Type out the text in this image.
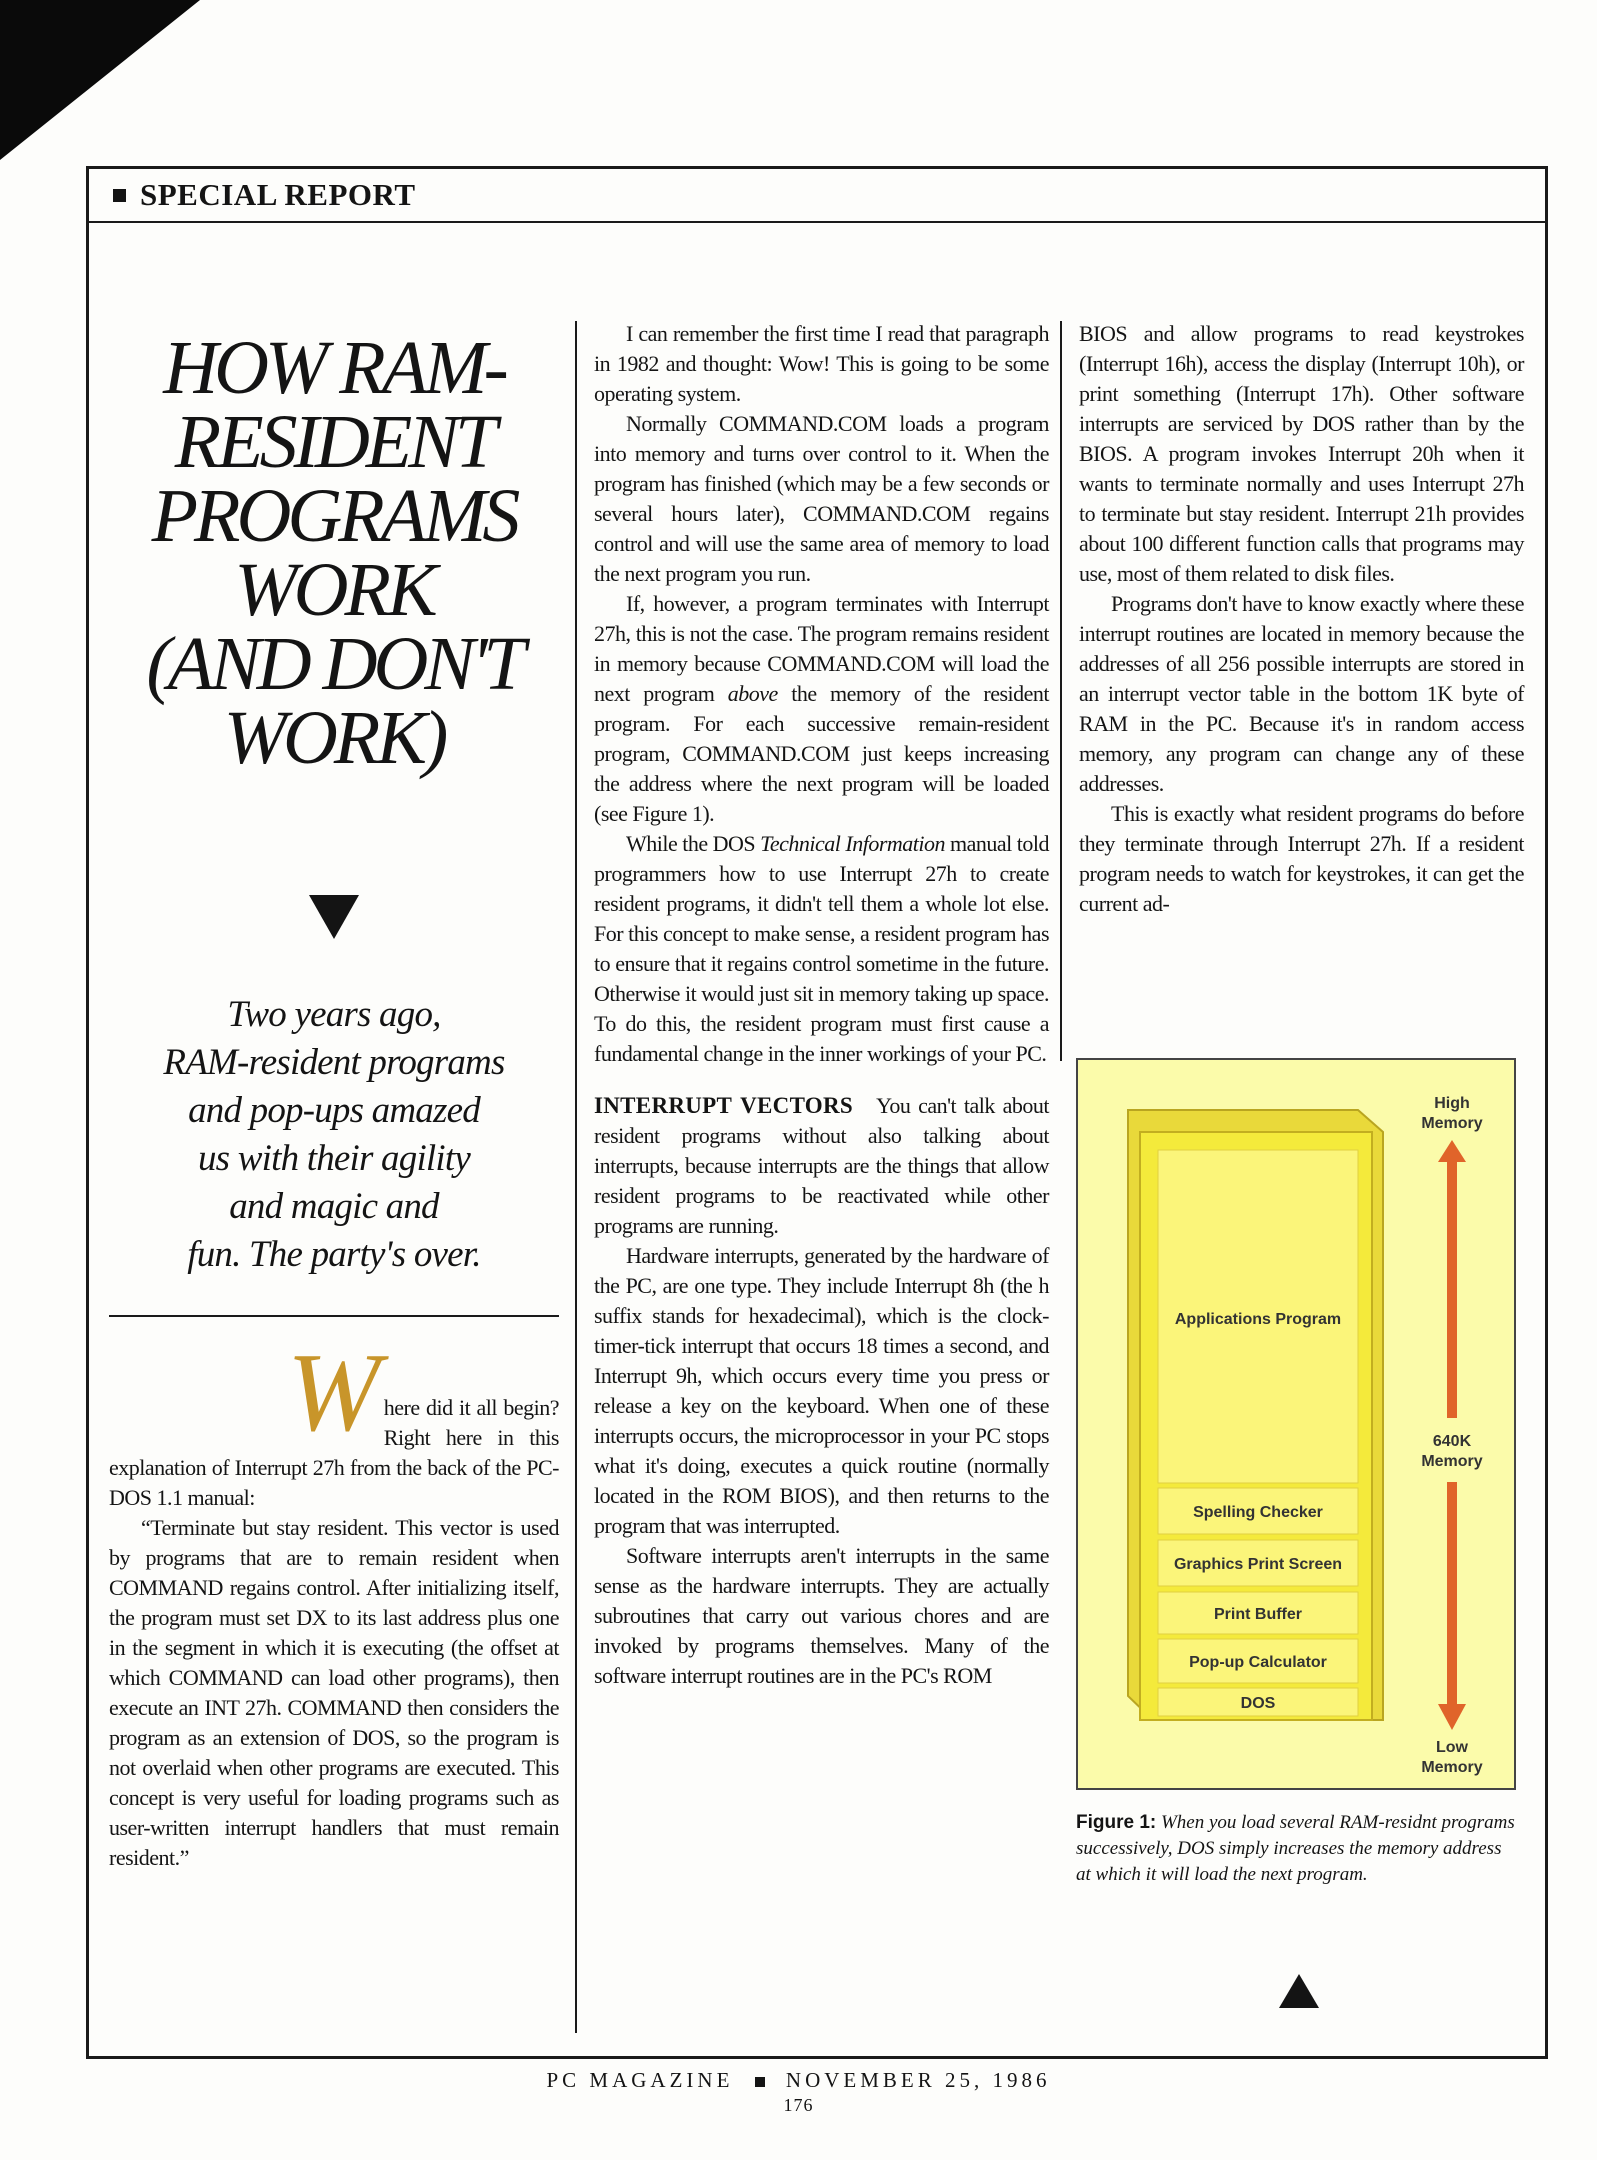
SPECIAL REPORT
HOW RAM-
RESIDENT
PROGRAMS
WORK
(AND DON'T
WORK)
Two years ago,
RAM-resident programs
and pop-ups amazed
us with their agility
and magic and
fun. The party's over.

Where did it all begin? Right here in this explanation of Interrupt 27h from the back of the PC-DOS 1.1 manual:

“Terminate but stay resident. This vector is used by programs that are to remain resident when COMMAND regains control. After initializing itself, the program must set DX to its last address plus one in the segment in which it is executing (the offset at which COMMAND can load other programs), then execute an INT 27h. COMMAND then considers the program as an extension of DOS, so the program is not overlaid when other programs are executed. This concept is very useful for loading programs such as user-written interrupt handlers that must remain resident.”

I can remember the first time I read that paragraph in 1982 and thought: Wow! This is going to be some operating system.

Normally COMMAND.COM loads a program into memory and turns over control to it. When the program has finished (which may be a few seconds or several hours later), COMMAND.COM regains control and will use the same area of memory to load the next program you run.

If, however, a program terminates with Interrupt 27h, this is not the case. The program remains resident in memory because COMMAND.COM will load the next program above the memory of the resident program. For each successive remain-resident program, COMMAND.COM just keeps increasing the address where the next program will be loaded (see Figure 1).

While the DOS Technical Information manual told programmers how to use Interrupt 27h to create resident programs, it didn't tell them a whole lot else. For this concept to make sense, a resident program has to ensure that it regains control sometime in the future. Otherwise it would just sit in memory taking up space. To do this, the resident program must first cause a fundamental change in the inner workings of your PC.

INTERRUPT VECTORS You can't talk about resident programs without also talking about interrupts, because interrupts are the things that allow resident programs to be reactivated while other programs are running.

Hardware interrupts, generated by the hardware of the PC, are one type. They include Interrupt 8h (the h suffix stands for hexadecimal), which is the clock-timer-tick interrupt that occurs 18 times a second, and Interrupt 9h, which occurs every time you press or release a key on the keyboard. When one of these interrupts occurs, the microprocessor in your PC stops what it's doing, executes a quick routine (normally located in the ROM BIOS), and then returns to the program that was interrupted.

Software interrupts aren't interrupts in the same sense as the hardware interrupts. They are actually subroutines that carry out various chores and are invoked by programs themselves. Many of the software interrupt routines are in the PC's ROM

BIOS and allow programs to read keystrokes (Interrupt 16h), access the display (Interrupt 10h), or print something (Interrupt 17h). Other software interrupts are serviced by DOS rather than by the BIOS. A program invokes Interrupt 20h when it wants to terminate normally and uses Interrupt 27h to terminate but stay resident. Interrupt 21h provides about 100 different function calls that programs may use, most of them related to disk files.

Programs don't have to know exactly where these interrupt routines are located in memory because the addresses of all 256 possible interrupts are stored in an interrupt vector table in the bottom 1K byte of RAM in the PC. Because it's in random access memory, any program can change any of these addresses.

This is exactly what resident programs do before they terminate through Interrupt 27h. If a resident program needs to watch for keystrokes, it can get the current ad-

Applications Program
Spelling Checker
Graphics Print Screen
Print Buffer
Pop-up Calculator
DOS
High
Memory
640K
Memory
Low
Memory
Figure 1: When you load several RAM-residnt programs successively, DOS simply increases the memory address at which it will load the next program.
PC MAGAZINE	NOVEMBER 25, 1986
176
